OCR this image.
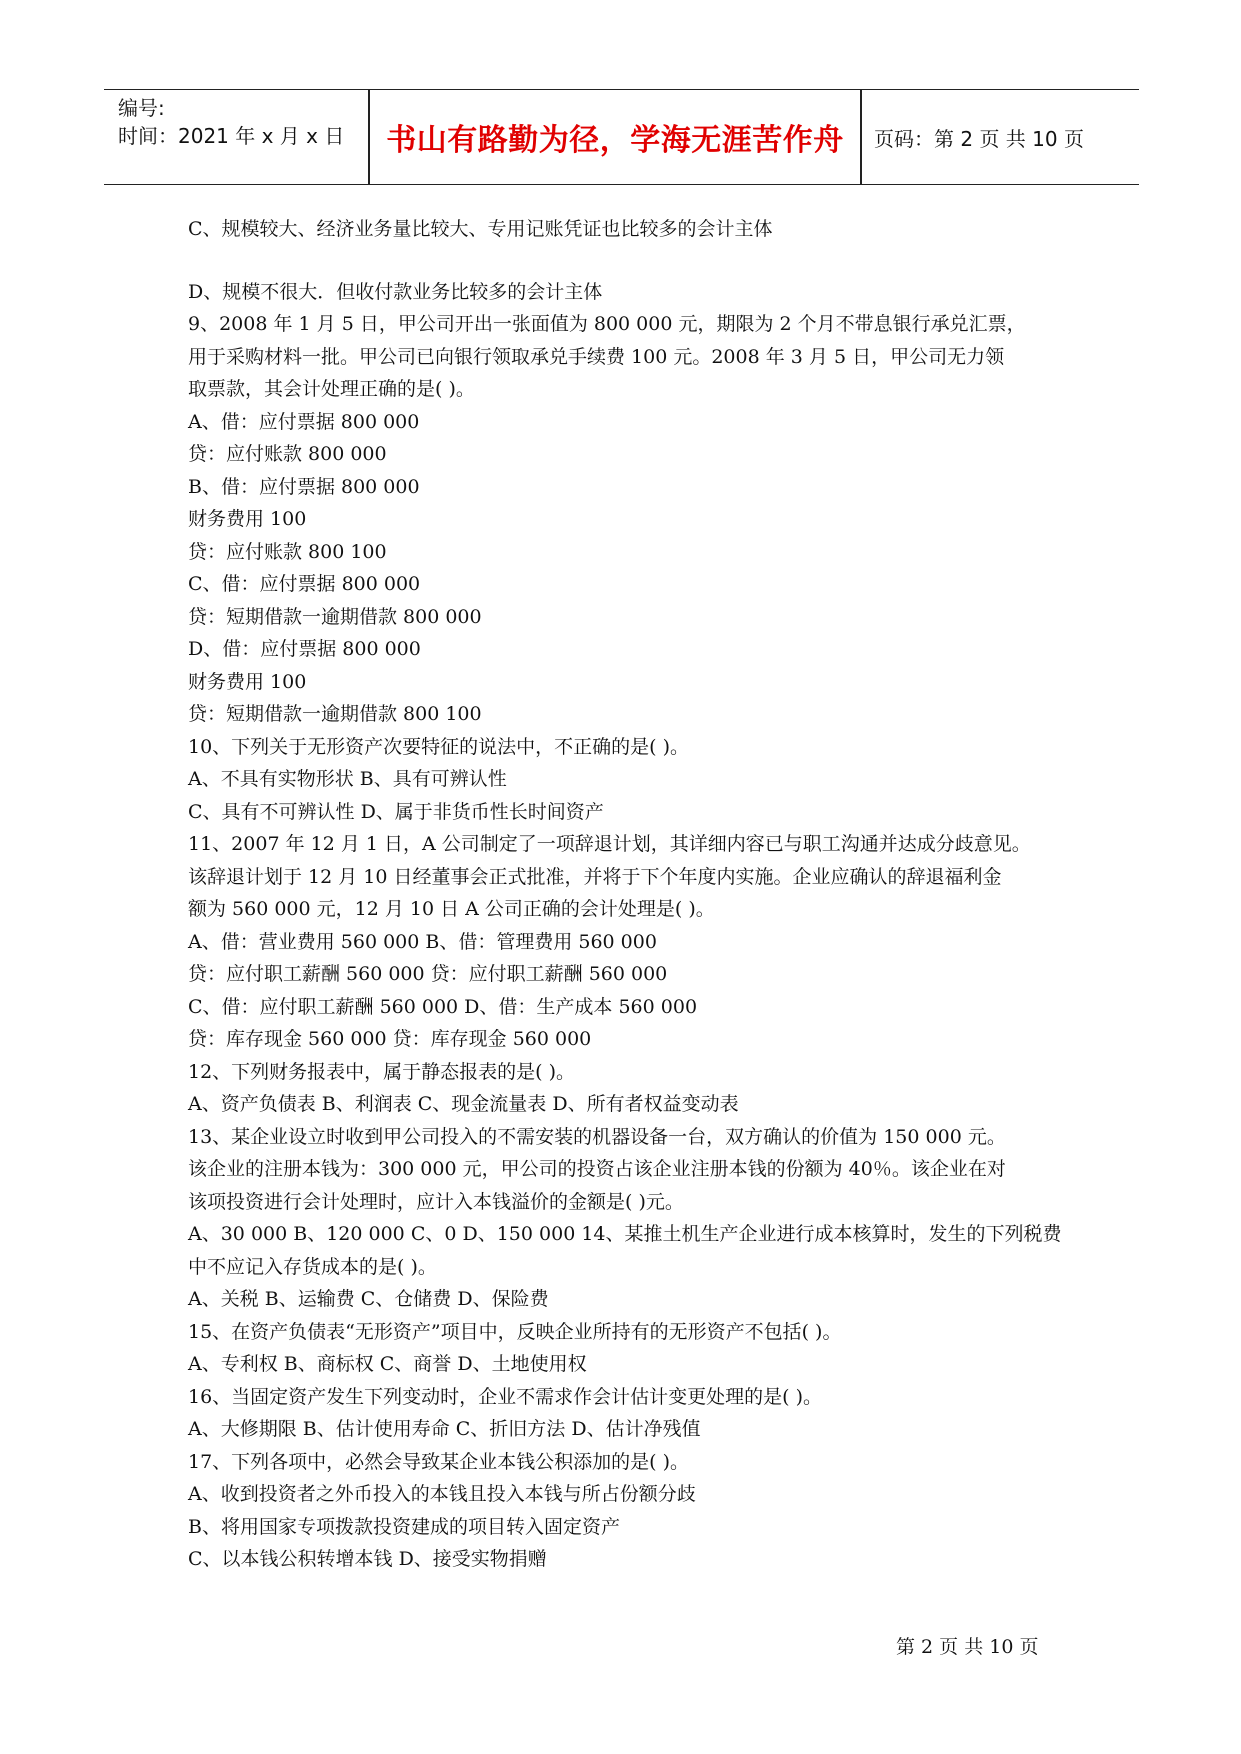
编号:
时间：2021 年 x 月 x 日	书山有路勤为径，学海无涯苦作舟	页码：第 2 页 共 10 页
C、规模较大、经济业务量比较大、专用记账凭证也比较多的会计主体
D、规模不很大．但收付款业务比较多的会计主体
9、2008 年 1 月 5 日，甲公司开出一张面值为 800 000 元，期限为 2 个月不带息银行承兑汇票，
用于采购材料一批。甲公司已向银行领取承兑手续费 100 元。2008 年 3 月 5 日，甲公司无力领
取票款，其会计处理正确的是( )。
A、借：应付票据 800 000
贷：应付账款 800 000
B、借：应付票据 800 000
财务费用 100
贷：应付账款 800 100
C、借：应付票据 800 000
贷：短期借款一逾期借款 800 000
D、借：应付票据 800 000
财务费用 100
贷：短期借款一逾期借款 800 100
10、下列关于无形资产次要特征的说法中，不正确的是( )。
A、不具有实物形状 B、具有可辨认性
C、具有不可辨认性 D、属于非货币性长时间资产
11、2007 年 12 月 1 日，A 公司制定了一项辞退计划，其详细内容已与职工沟通并达成分歧意见。
该辞退计划于 12 月 10 日经董事会正式批准，并将于下个年度内实施。企业应确认的辞退福利金
额为 560 000 元，12 月 10 日 A 公司正确的会计处理是( )。
A、借：营业费用 560 000 B、借：管理费用 560 000
贷：应付职工薪酬 560 000 贷：应付职工薪酬 560 000
C、借：应付职工薪酬 560 000 D、借：生产成本 560 000
贷：库存现金 560 000 贷：库存现金 560 000
12、下列财务报表中，属于静态报表的是( )。
A、资产负债表 B、利润表 C、现金流量表 D、所有者权益变动表
13、某企业设立时收到甲公司投入的不需安装的机器设备一台，双方确认的价值为 150 000 元。
该企业的注册本钱为：300 000 元，甲公司的投资占该企业注册本钱的份额为 40％。该企业在对
该项投资进行会计处理时，应计入本钱溢价的金额是( )元。
A、30 000 B、120 000 C、0 D、150 000 14、某推土机生产企业进行成本核算时，发生的下列税费
中不应记入存货成本的是( )。
A、关税 B、运输费 C、仓储费 D、保险费
15、在资产负债表“无形资产”项目中，反映企业所持有的无形资产不包括( )。
A、专利权 B、商标权 C、商誉 D、土地使用权
16、当固定资产发生下列变动时，企业不需求作会计估计变更处理的是( )。
A、大修期限 B、估计使用寿命 C、折旧方法 D、估计净残值
17、下列各项中，必然会导致某企业本钱公积添加的是( )。
A、收到投资者之外币投入的本钱且投入本钱与所占份额分歧
B、将用国家专项拨款投资建成的项目转入固定资产
C、以本钱公积转增本钱 D、接受实物捐赠
第 2 页 共 10 页
